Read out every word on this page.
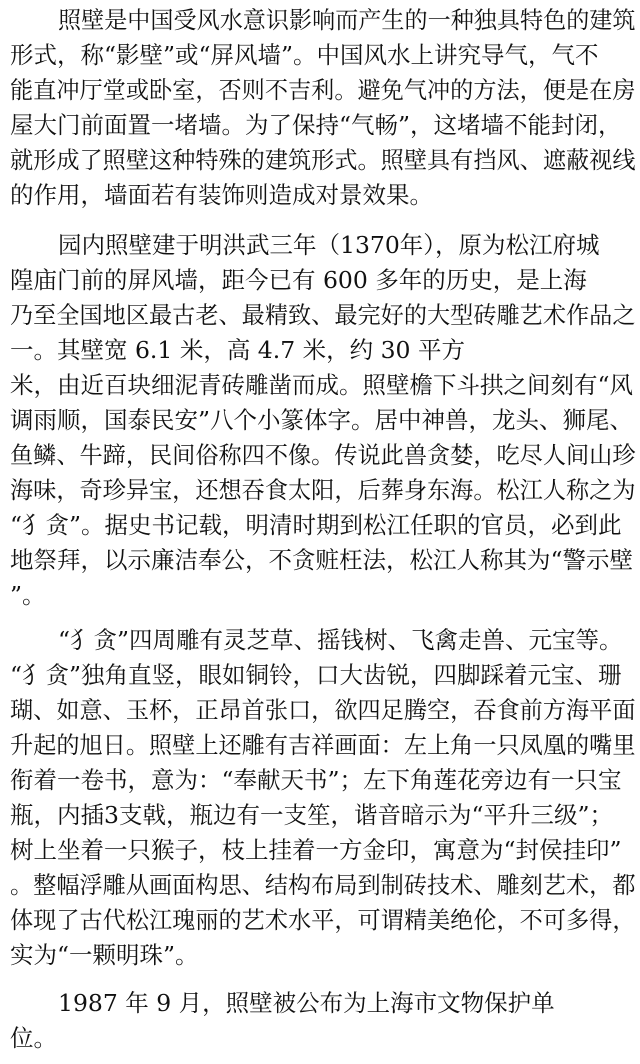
照壁是中国受风水意识影响而产生的一种独具特色的建筑
形式，称“影壁”或“屏风墙”。中国风水上讲究导气，气不
能直冲厅堂或卧室，否则不吉利。避免气冲的方法，便是在房
屋大门前面置一堵墙。为了保持“气畅”，这堵墙不能封闭，
就形成了照壁这种特殊的建筑形式。照壁具有挡风、遮蔽视线
的作用，墙面若有装饰则造成对景效果。
园内照壁建于明洪武三年（1370年），原为松江府城
隍庙门前的屏风墙，距今已有 600 多年的历史，是上海
乃至全国地区最古老、最精致、最完好的大型砖雕艺术作品之
一。其壁宽 6.1 米，高 4.7 米，约 30 平方
米，由近百块细泥青砖雕凿而成。照壁檐下斗拱之间刻有“风
调雨顺，国泰民安”八个小篆体字。居中神兽，龙头、狮尾、
鱼鳞、牛蹄，民间俗称四不像。传说此兽贪婪，吃尽人间山珍
海味，奇珍异宝，还想吞食太阳，后葬身东海。松江人称之为
“犭贪”。据史书记载，明清时期到松江任职的官员，必到此
地祭拜，以示廉洁奉公，不贪赃枉法，松江人称其为“警示壁
”。
“犭贪”四周雕有灵芝草、摇钱树、飞禽走兽、元宝等。
“犭贪”独角直竖，眼如铜铃，口大齿锐，四脚踩着元宝、珊
瑚、如意、玉杯，正昂首张口，欲四足腾空，吞食前方海平面
升起的旭日。照壁上还雕有吉祥画面：左上角一只凤凰的嘴里
衔着一卷书，意为：“奉献天书”；左下角莲花旁边有一只宝
瓶，内插3支戟，瓶边有一支笙，谐音暗示为“平升三级”；
树上坐着一只猴子，枝上挂着一方金印，寓意为“封侯挂印”
。整幅浮雕从画面构思、结构布局到制砖技术、雕刻艺术，都
体现了古代松江瑰丽的艺术水平，可谓精美绝伦，不可多得，
实为“一颗明珠”。
1987 年 9 月，照壁被公布为上海市文物保护单
位。
